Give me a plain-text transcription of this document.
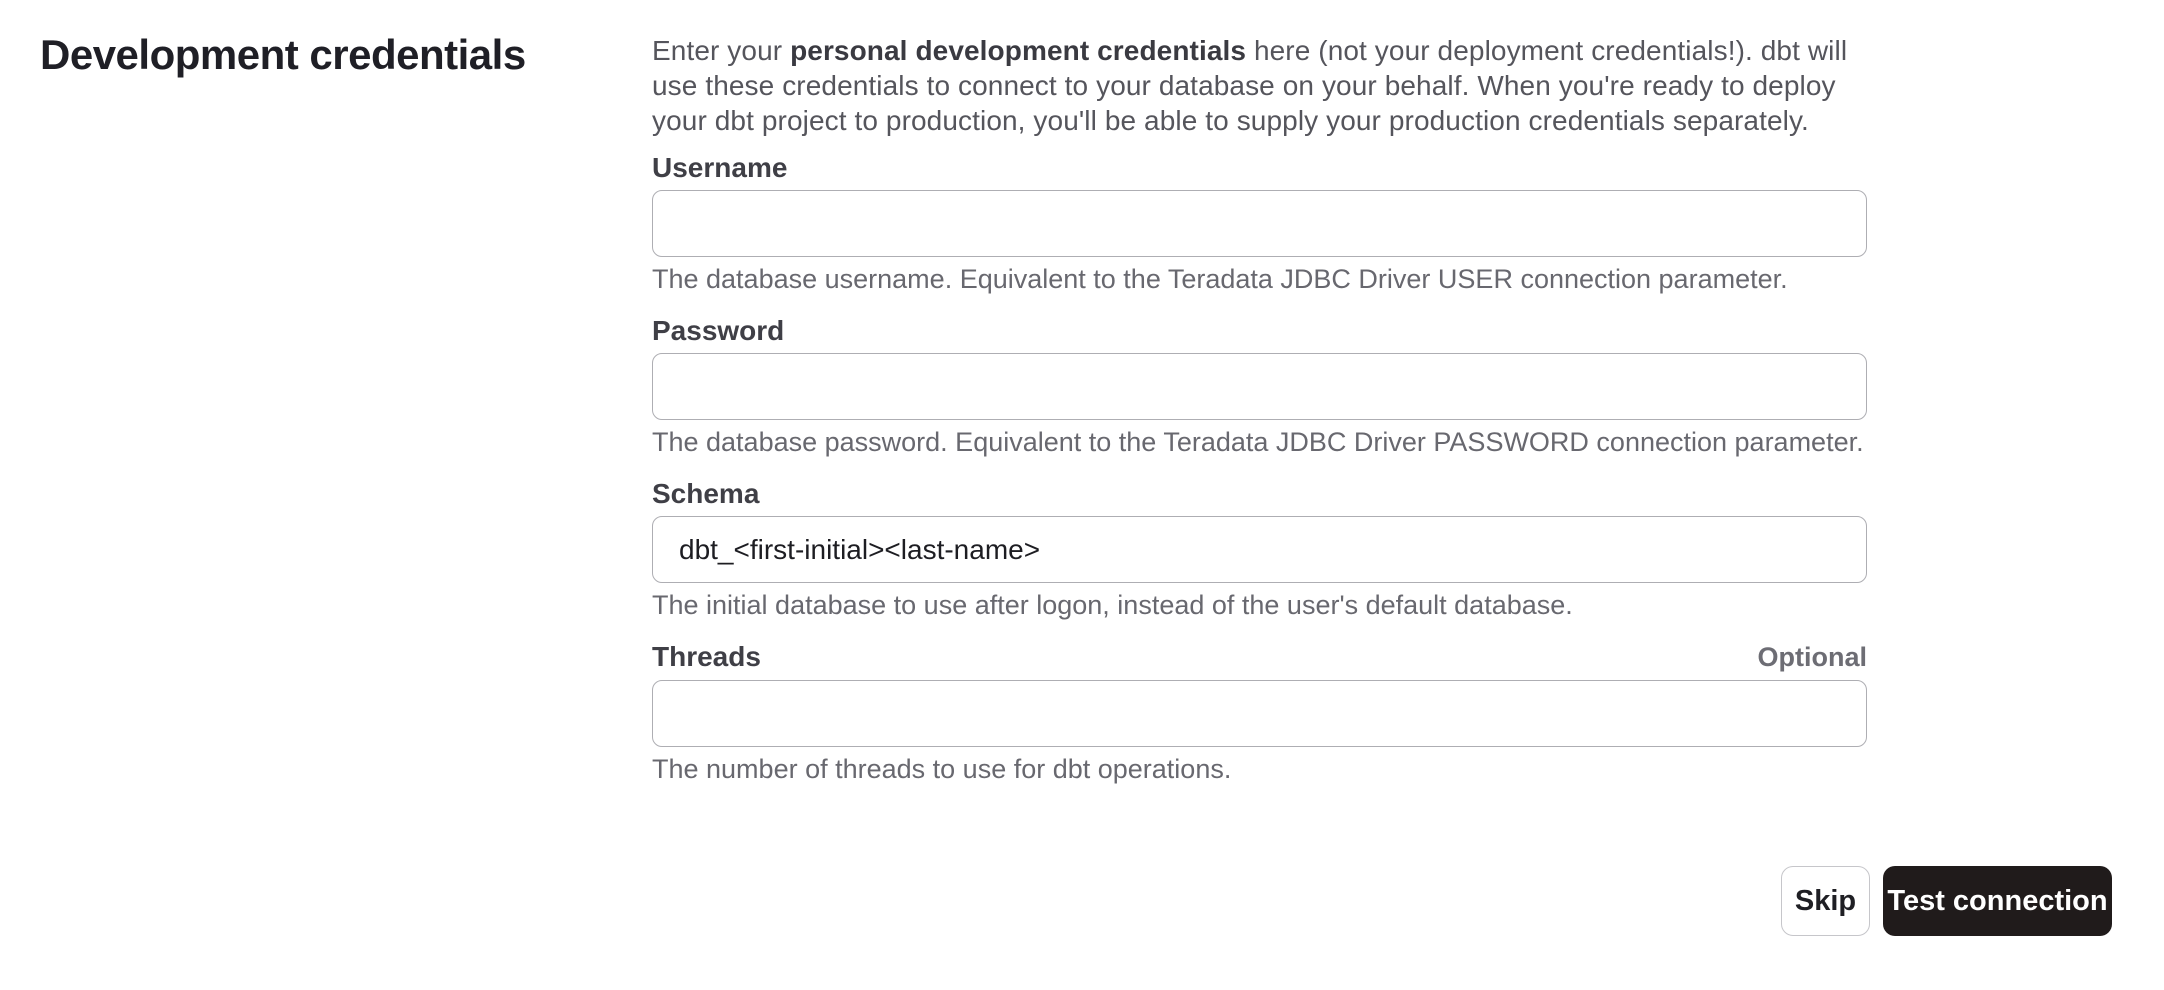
Development credentials	Enter your personal development credentials here (not your deployment credentials!). dbt will use these credentials to connect to your database on your behalf. When you're ready to deploy your dbt project to production, you'll be able to supply your production credentials separately.

Username
The database username. Equivalent to the Teradata JDBC Driver USER connection parameter.
Password
The database password. Equivalent to the Teradata JDBC Driver PASSWORD connection parameter.
Schema
dbt_<first-initial><last-name>
The initial database to use after logon, instead of the user's default database.
Threads	Optional
The number of threads to use for dbt operations.
Skip	Test connection
